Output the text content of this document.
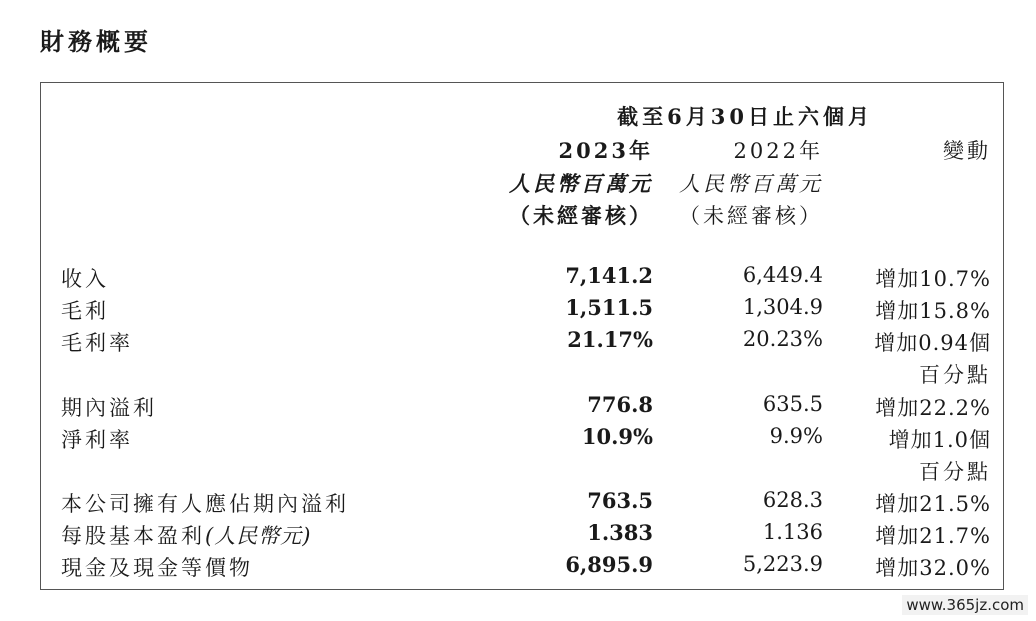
財務概要
截至6月30日止六個月
2023年	2022年	變動
人民幣百萬元 人民幣百萬元
（未經審核） （未經審核）
收入	7,141.2	6,449.4 增加10.7%
毛利	1,511.5	1,304.9 增加15.8%
毛利率	21.17%	20.23% 增加0.94個
百分點
期內溢利	776.8	635.5 增加22.2%
淨利率	10.9%	9.9%	增加1.0個
百分點
本公司擁有人應佔期內溢利	763.5	628.3 增加21.5%
每股基本盈利(人民幣元)	1.383	1.136 增加21.7%
現金及現金等價物	6,895.9	5,223.9 增加32.0%
www.365jz.com
